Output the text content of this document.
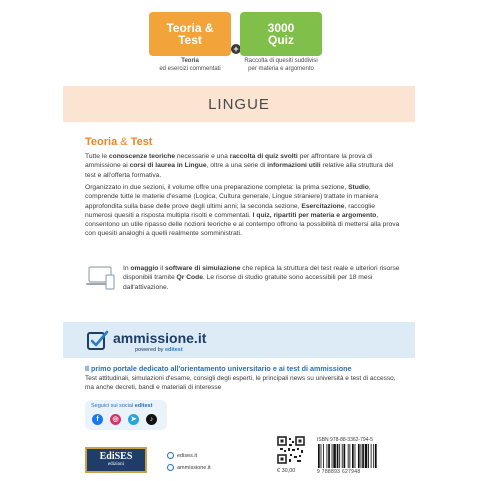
Teoria &
Test
+
3000
Quiz
Teoria
ed esercizi commentati
Raccolta di quesiti suddivisi
per materia e argomento
LINGUE
Teoria & Test

Tutte le conoscenze teoriche necessarie e una raccolta di quiz svolti per affrontare la prova di ammissione ai corsi di laurea in Lingue, oltre a una serie di informazioni utili relative alla struttura del test e all'offerta formativa.

Organizzato in due sezioni, il volume offre una preparazione completa: la prima sezione, Studio, comprende tutte le materie d'esame (Logica, Cultura generale, Lingue straniere) trattate in maniera approfondita sulla base delle prove degli ultimi anni; la seconda sezione, Esercitazione, raccoglie numerosi quesiti a risposta multipla risolti e commentati. I quiz, ripartiti per materia e argomento, consentono un utile ripasso delle nozioni teoriche e al contempo offrono la possibilità di mettersi alla prova con quesiti analoghi a quelli realmente somministrati.

In omaggio il software di simulazione che replica la struttura del test reale e ulteriori risorse disponibili tramite Qr Code. Le risorse di studio gratuite sono accessibili per 18 mesi dall'attivazione.

ammissione.it
powered by editest
Il primo portale dedicato all'orientamento universitario e ai test di ammissione
Test attitudinali, simulazioni d'esame, consigli degli esperti, le principali news su università e test di accesso, ma anche decreti, bandi e materiali di interesse
Seguici sui social editest
f	◎	➤	♪
EdiSES
edizioni
edises.it
ammissione.it
€ 30,00
ISBN 978-88-3362-794-5
9 788893 627948
